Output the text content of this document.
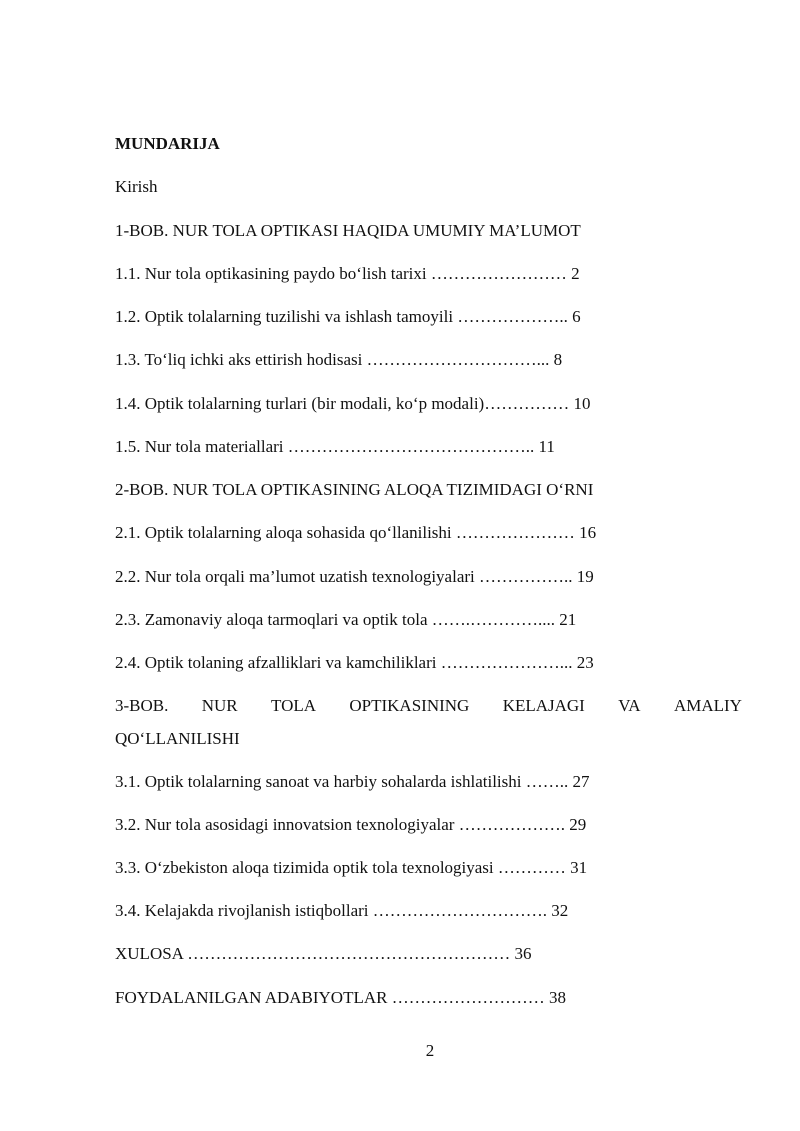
MUNDARIJA
Kirish
1-BOB. NUR TOLA OPTIKASI HAQIDA UMUMIY MA’LUMOT
1.1. Nur tola optikasining paydo bo‘lish tarixi …………………… 2
1.2. Optik tolalarning tuzilishi va ishlash tamoyili ……………….. 6
1.3. To‘liq ichki aks ettirish hodisasi …………………………... 8
1.4. Optik tolalarning turlari (bir modali, ko‘p modali)…………… 10
1.5. Nur tola materiallari …………………………………….. 11
2-BOB. NUR TOLA OPTIKASINING ALOQA TIZIMIDAGI O‘RNI
2.1. Optik tolalarning aloqa sohasida qo‘llanilishi ………………… 16
2.2. Nur tola orqali ma’lumot uzatish texnologiyalari …………….. 19
2.3. Zamonaviy aloqa tarmoqlari va optik tola …….………….... 21
2.4. Optik tolaning afzalliklari va kamchiliklari …………………... 23
3-BOB. NUR TOLA OPTIKASINING KELAJAGI VA AMALIY
QO‘LLANILISHI
3.1. Optik tolalarning sanoat va harbiy sohalarda ishlatilishi …….. 27
3.2. Nur tola asosidagi innovatsion texnologiyalar ………………. 29
3.3. O‘zbekiston aloqa tizimida optik tola texnologiyasi ………… 31
3.4. Kelajakda rivojlanish istiqbollari …………………………. 32
XULOSA ………………………………………………… 36
FOYDALANILGAN ADABIYOTLAR ……………………… 38
2
